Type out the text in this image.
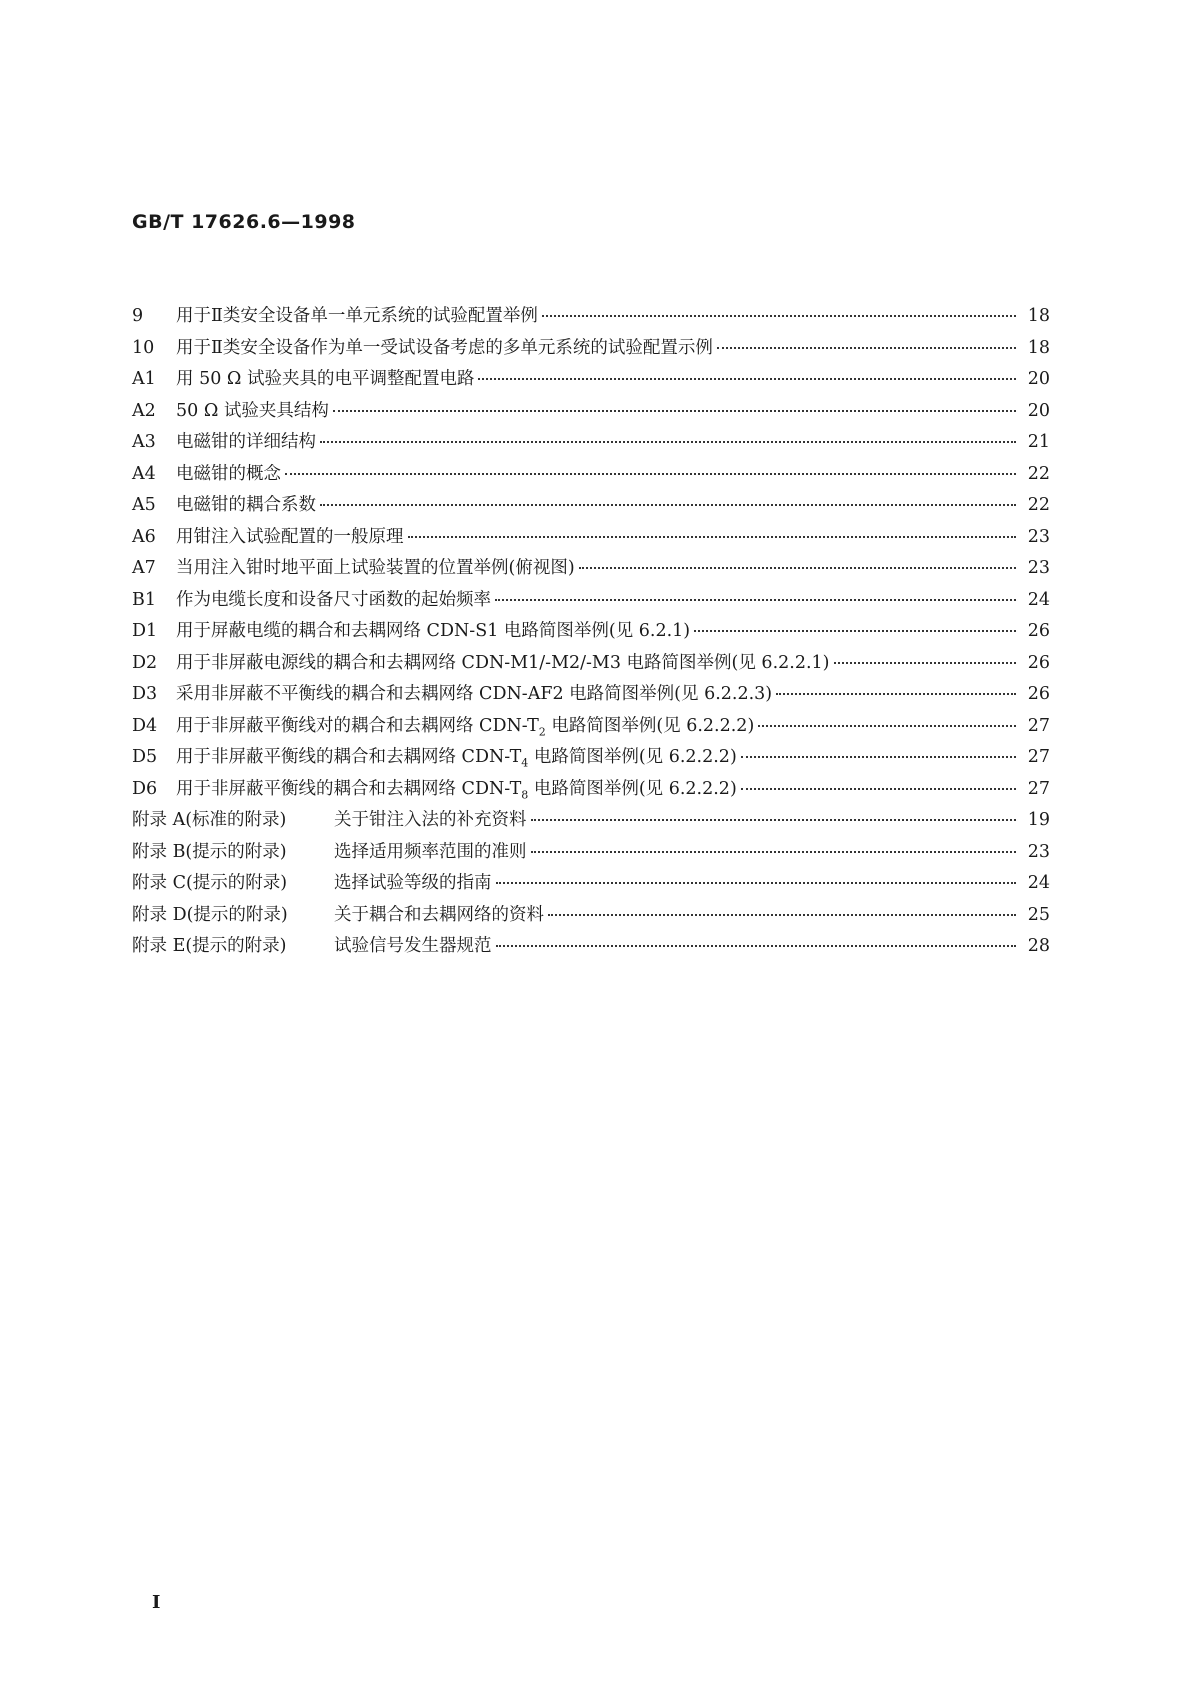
GB/T 17626.6—1998
9	用于Ⅱ类安全设备单一单元系统的试验配置举例	18
10	用于Ⅱ类安全设备作为单一受试设备考虑的多单元系统的试验配置示例	18
A1	用 50 Ω 试验夹具的电平调整配置电路	20
A2	50 Ω 试验夹具结构	20
A3	电磁钳的详细结构	21
A4	电磁钳的概念	22
A5	电磁钳的耦合系数	22
A6	用钳注入试验配置的一般原理	23
A7	当用注入钳时地平面上试验装置的位置举例(俯视图)	23
B1	作为电缆长度和设备尺寸函数的起始频率	24
D1	用于屏蔽电缆的耦合和去耦网络 CDN-S1 电路简图举例(见 6.2.1)	26
D2	用于非屏蔽电源线的耦合和去耦网络 CDN-M1/-M2/-M3 电路简图举例(见 6.2.2.1)	26
D3	采用非屏蔽不平衡线的耦合和去耦网络 CDN-AF2 电路简图举例(见 6.2.2.3)	26
D4	用于非屏蔽平衡线对的耦合和去耦网络 CDN-$T_2$ 电路简图举例(见 6.2.2.2)	27
D5	用于非屏蔽平衡线的耦合和去耦网络 CDN-$T_4$ 电路简图举例(见 6.2.2.2)	27
D6	用于非屏蔽平衡线的耦合和去耦网络 CDN-$T_8$ 电路简图举例(见 6.2.2.2)	27
附录 A(标准的附录)	关于钳注入法的补充资料	19
附录 B(提示的附录)	选择适用频率范围的准则	23
附录 C(提示的附录)	选择试验等级的指南	24
附录 D(提示的附录)	关于耦合和去耦网络的资料	25
附录 E(提示的附录)	试验信号发生器规范	28
Ⅰ
